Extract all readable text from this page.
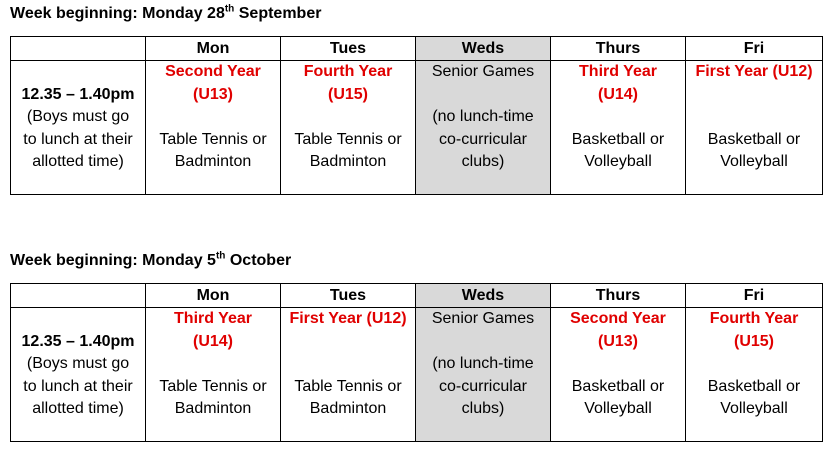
Week beginning: Monday 28th September
	Mon	Tues	Weds	Thurs	Fri

12.35 – 1.40pm
(Boys must go
to lunch at their
allotted time)	Second Year
(U13)
Table Tennis or
Badminton	Fourth Year
(U15)
Table Tennis or
Badminton	Senior Games
(no lunch-time
co-curricular
clubs)	Third Year
(U14)
Basketball or
Volleyball	First Year (U12)
Basketball or
Volleyball
Week beginning: Monday 5th October
	Mon	Tues	Weds	Thurs	Fri

12.35 – 1.40pm
(Boys must go
to lunch at their
allotted time)	Third Year
(U14)
Table Tennis or
Badminton	First Year (U12)
Table Tennis or
Badminton	Senior Games
(no lunch-time
co-curricular
clubs)	Second Year
(U13)
Basketball or
Volleyball	Fourth Year
(U15)
Basketball or
Volleyball
